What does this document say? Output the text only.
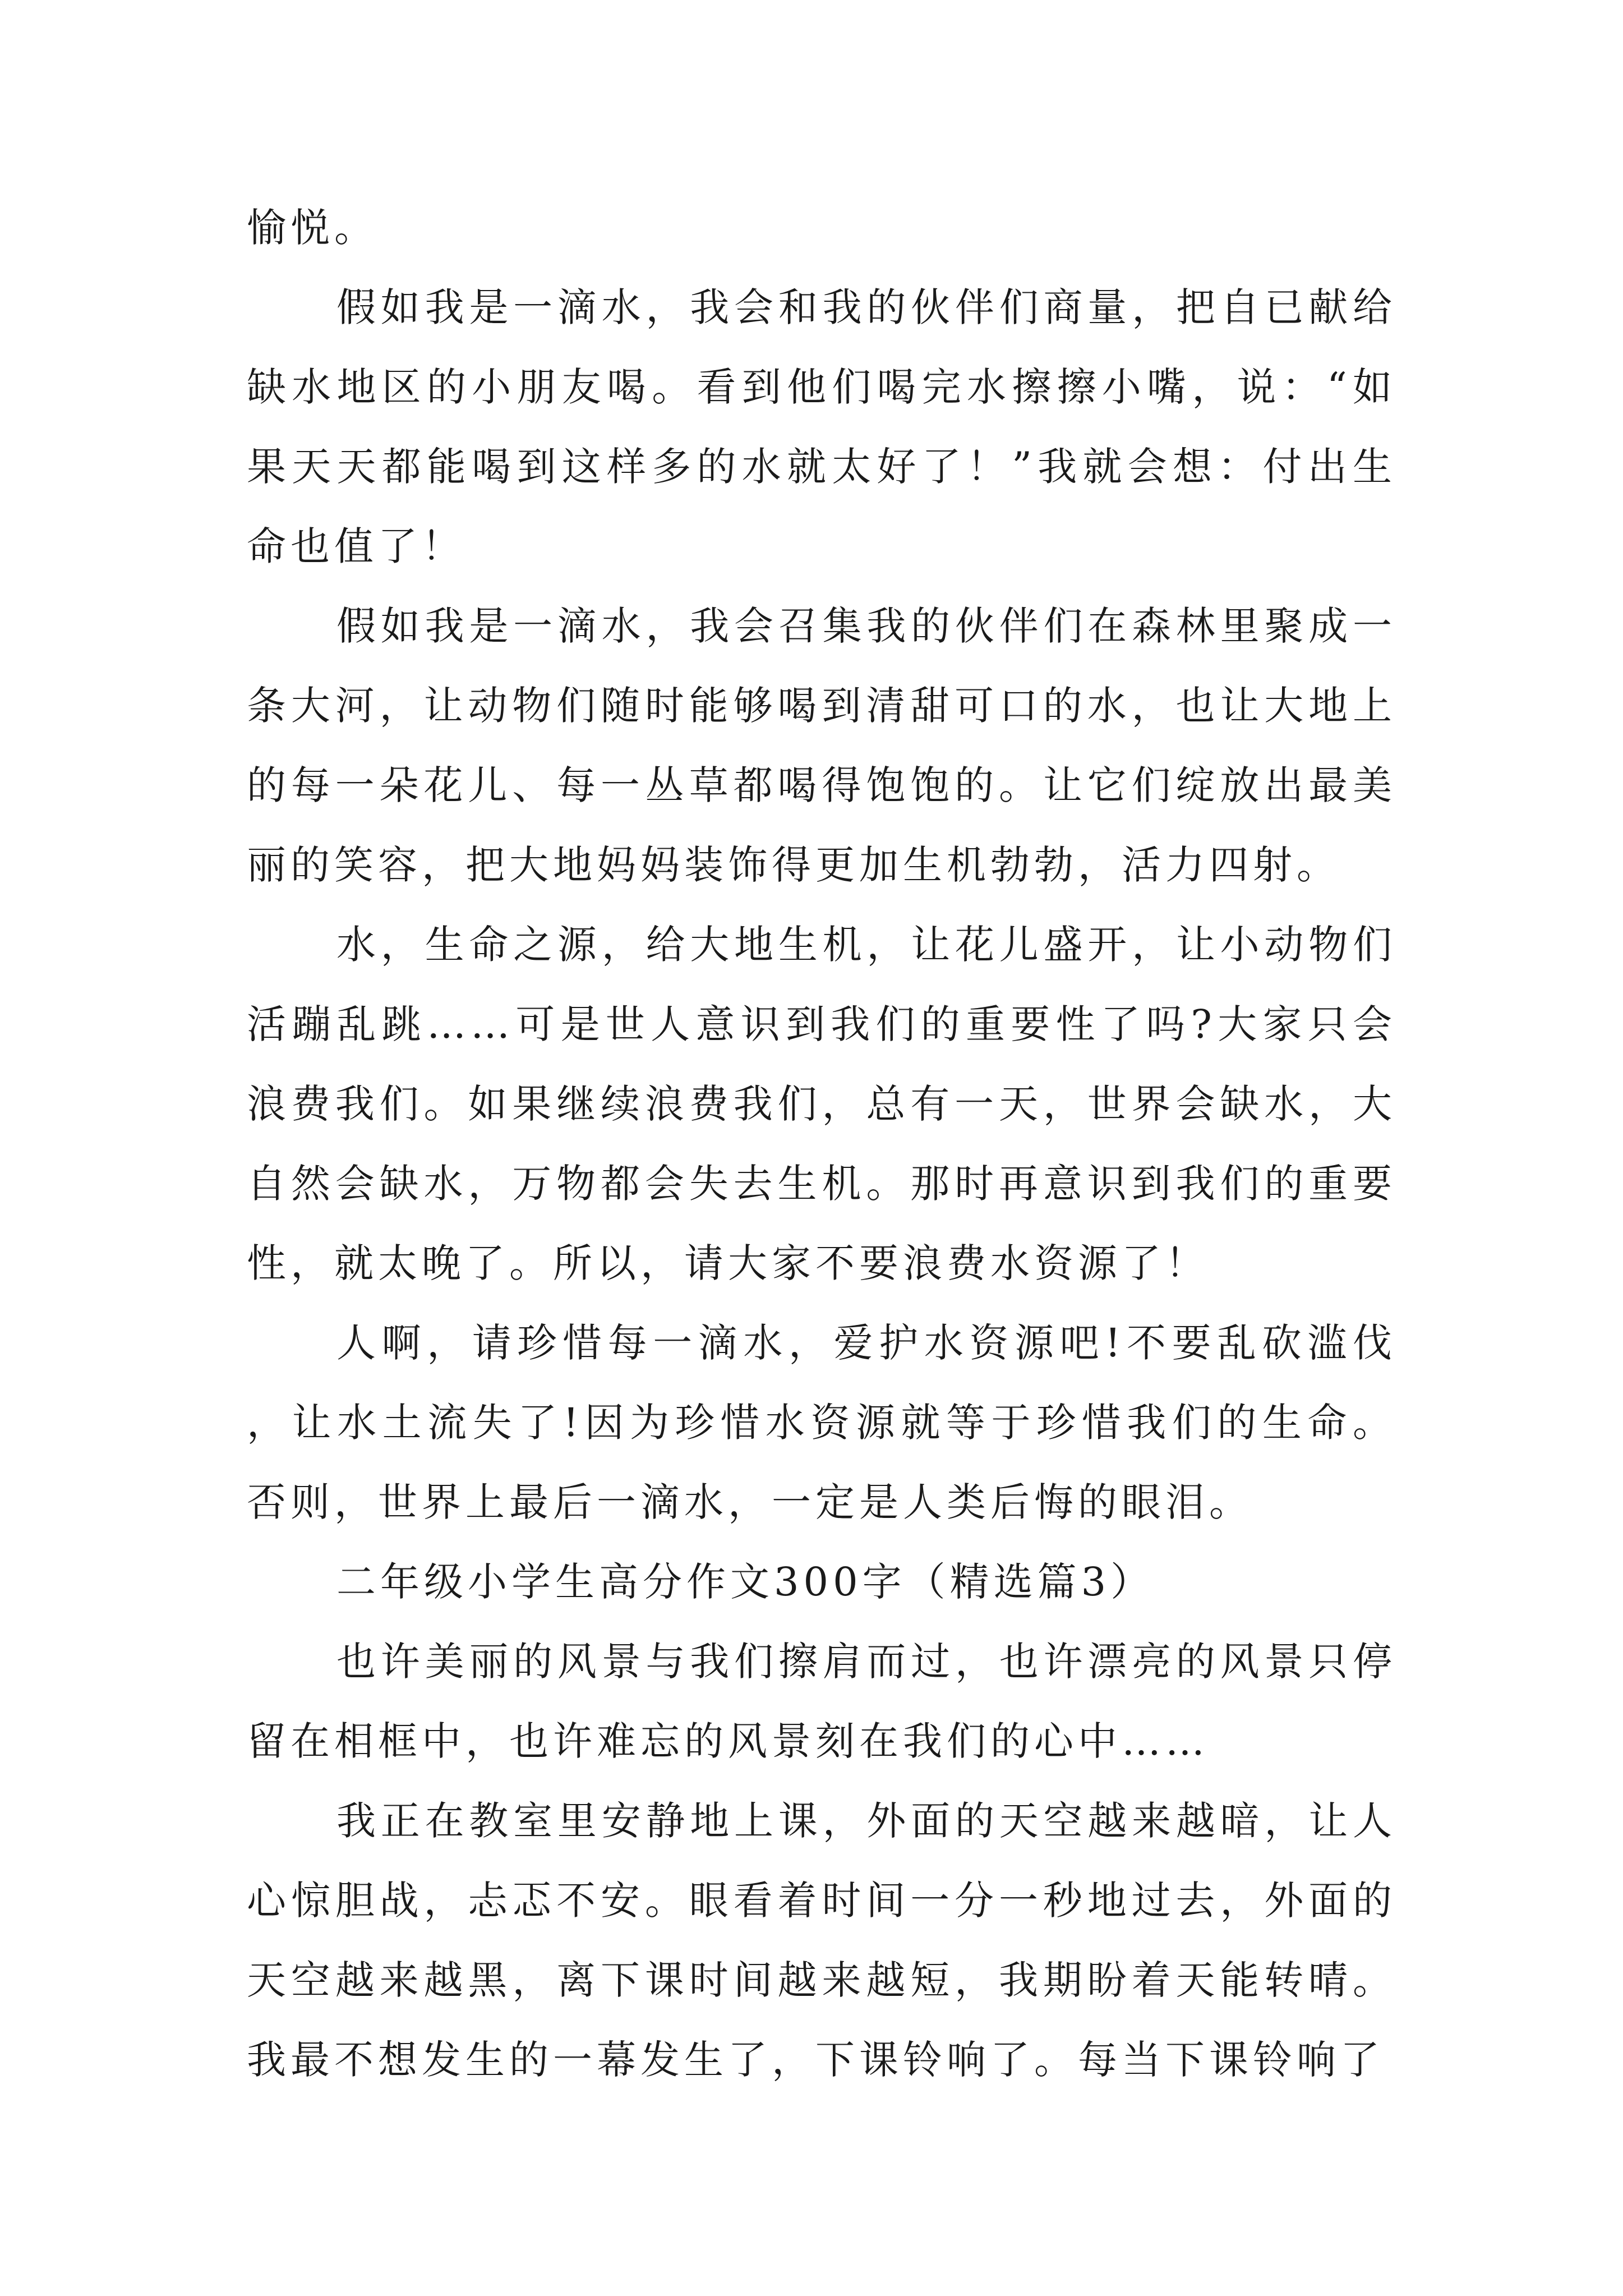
愉悦。

假如我是一滴水，我会和我的伙伴们商量，把自已献给缺水地区的小朋友喝。看到他们喝完水擦擦小嘴，说：“如果天天都能喝到这样多的水就太好了！”我就会想：付出生命也值了！

假如我是一滴水，我会召集我的伙伴们在森林里聚成一条大河，让动物们随时能够喝到清甜可口的水，也让大地上的每一朵花儿、每一丛草都喝得饱饱的。让它们绽放出最美丽的笑容，把大地妈妈装饰得更加生机勃勃，活力四射。

水，生命之源，给大地生机，让花儿盛开，让小动物们活蹦乱跳……可是世人意识到我们的重要性了吗?大家只会浪费我们。如果继续浪费我们，总有一天，世界会缺水，大自然会缺水，万物都会失去生机。那时再意识到我们的重要性，就太晚了。所以，请大家不要浪费水资源了！

人啊，请珍惜每一滴水，爱护水资源吧!不要乱砍滥伐，让水土流失了!因为珍惜水资源就等于珍惜我们的生命。否则，世界上最后一滴水，一定是人类后悔的眼泪。

二年级小学生高分作文300字（精选篇3）

也许美丽的风景与我们擦肩而过，也许漂亮的风景只停留在相框中，也许难忘的风景刻在我们的心中……

我正在教室里安静地上课，外面的天空越来越暗，让人心惊胆战，忐忑不安。眼看着时间一分一秒地过去，外面的天空越来越黑，离下课时间越来越短，我期盼着天能转晴。我最不想发生的一幕发生了，下课铃响了。每当下课铃响了
